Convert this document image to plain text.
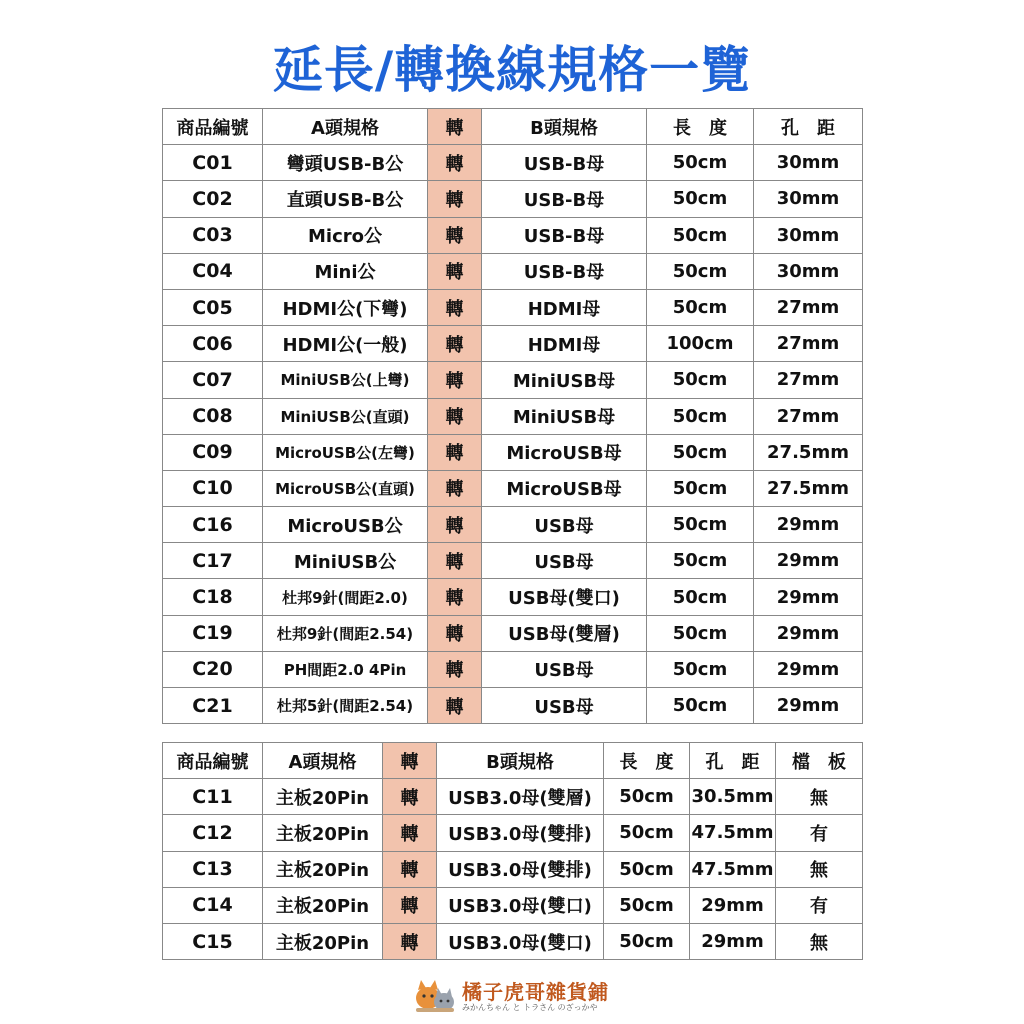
延長/轉換線規格一覽
商品編號	A頭規格	轉	B頭規格	長　度	孔　距
C01	彎頭USB-B公	轉	USB-B母	50cm	30mm
C02	直頭USB-B公	轉	USB-B母	50cm	30mm
C03	Micro公	轉	USB-B母	50cm	30mm
C04	Mini公	轉	USB-B母	50cm	30mm
C05	HDMI公(下彎)	轉	HDMI母	50cm	27mm
C06	HDMI公(一般)	轉	HDMI母	100cm	27mm
C07	MiniUSB公(上彎)	轉	MiniUSB母	50cm	27mm
C08	MiniUSB公(直頭)	轉	MiniUSB母	50cm	27mm
C09	MicroUSB公(左彎)	轉	MicroUSB母	50cm	27.5mm
C10	MicroUSB公(直頭)	轉	MicroUSB母	50cm	27.5mm
C16	MicroUSB公	轉	USB母	50cm	29mm
C17	MiniUSB公	轉	USB母	50cm	29mm
C18	杜邦9針(間距2.0)	轉	USB母(雙口)	50cm	29mm
C19	杜邦9針(間距2.54)	轉	USB母(雙層)	50cm	29mm
C20	PH間距2.0 4Pin	轉	USB母	50cm	29mm
C21	杜邦5針(間距2.54)	轉	USB母	50cm	29mm
商品編號	A頭規格	轉	B頭規格	長　度	孔　距	檔　板
C11	主板20Pin	轉	USB3.0母(雙層)	50cm	30.5mm	無
C12	主板20Pin	轉	USB3.0母(雙排)	50cm	47.5mm	有
C13	主板20Pin	轉	USB3.0母(雙排)	50cm	47.5mm	無
C14	主板20Pin	轉	USB3.0母(雙口)	50cm	29mm	有
C15	主板20Pin	轉	USB3.0母(雙口)	50cm	29mm	無
橘子虎哥雜貨鋪
みかんちゃん と トラさん のざっかや
